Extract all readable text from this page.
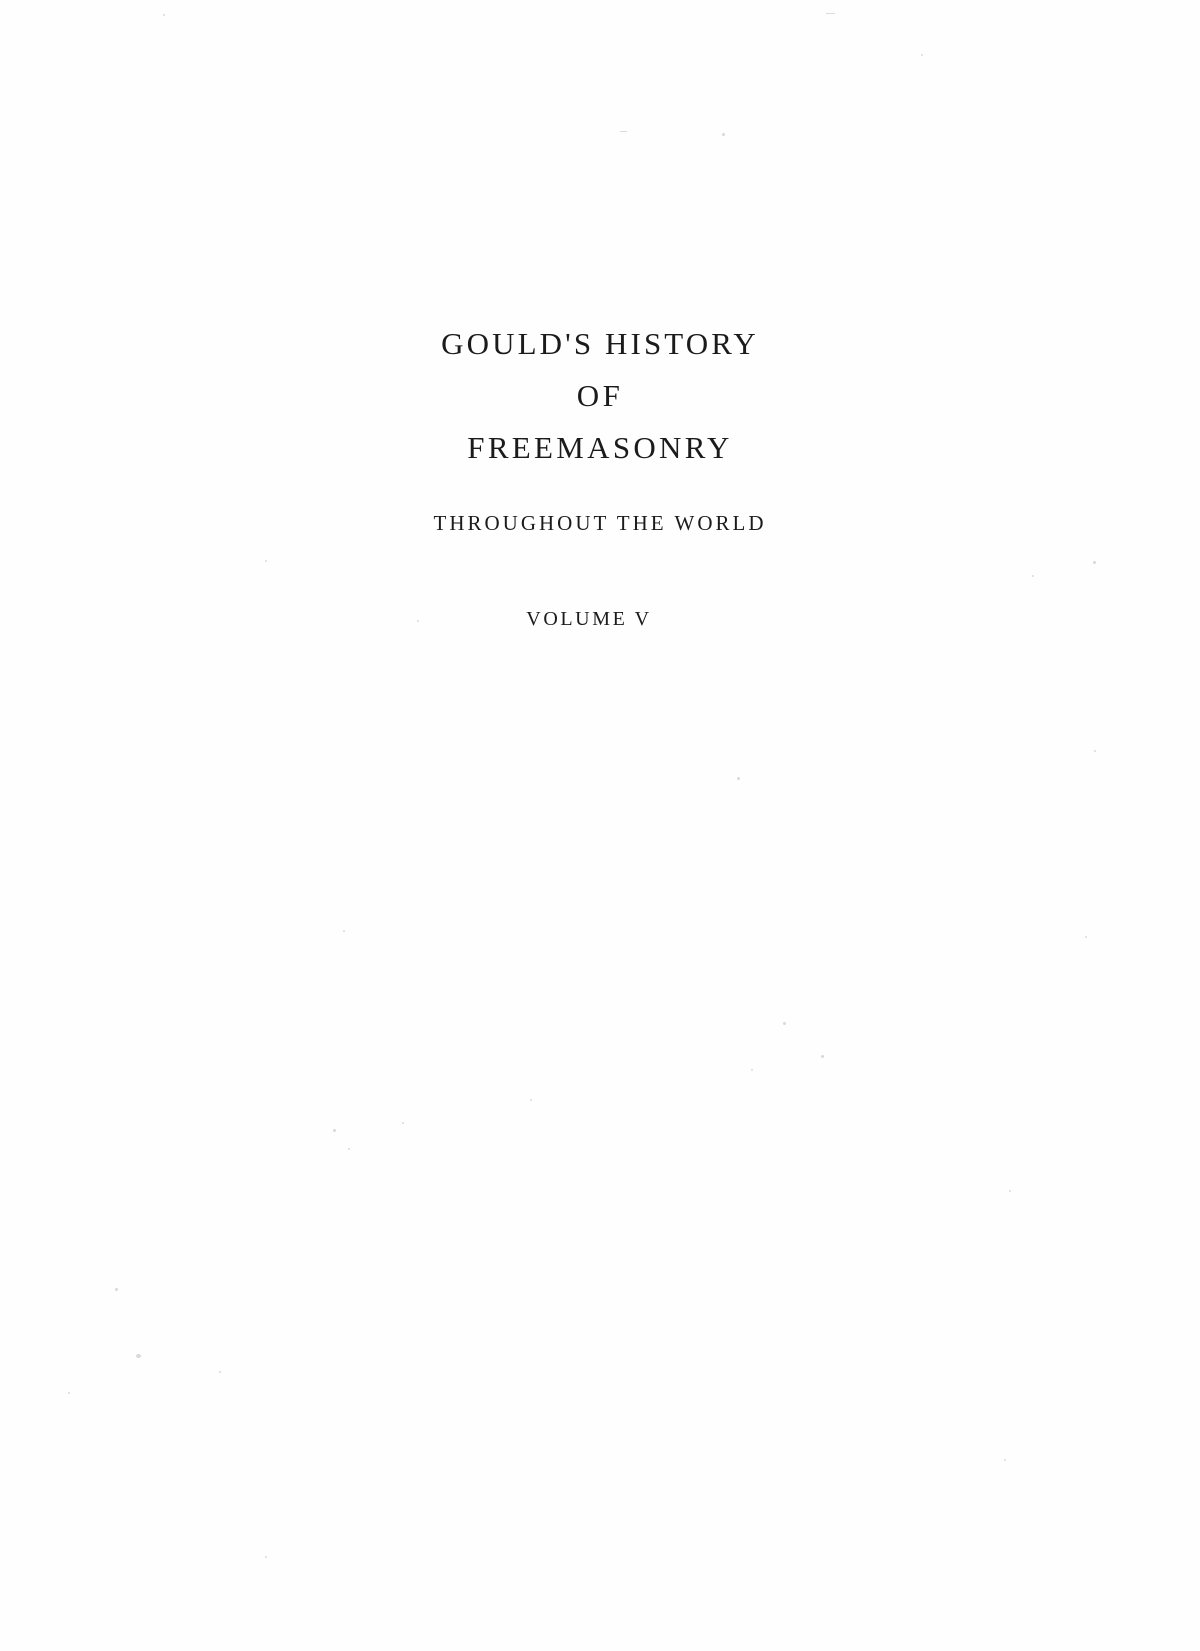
GOULD'S HISTORY
OF
FREEMASONRY
THROUGHOUT THE WORLD
VOLUME V
